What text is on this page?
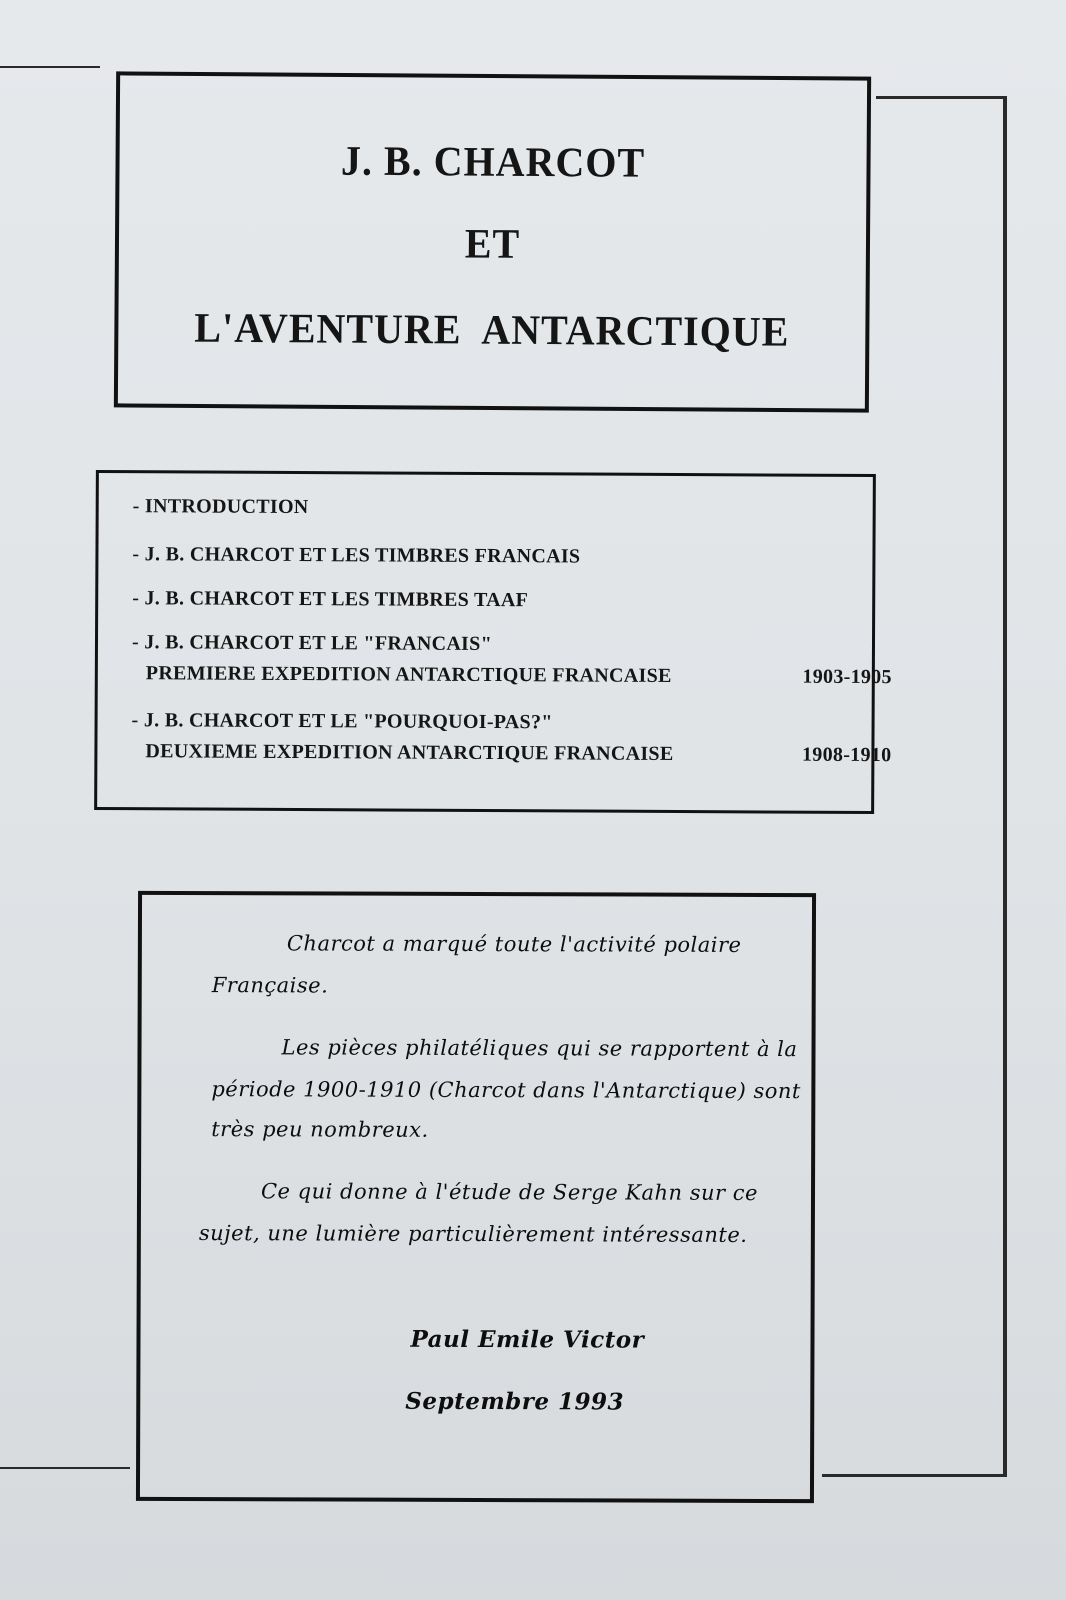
J. B. CHARCOT
ET
L'AVENTURE  ANTARCTIQUE
- INTRODUCTION
- J. B. CHARCOT ET LES TIMBRES FRANCAIS
- J. B. CHARCOT ET LES TIMBRES TAAF
- J. B. CHARCOT ET LE "FRANCAIS"
PREMIERE EXPEDITION ANTARCTIQUE FRANCAISE	1903-1905
- J. B. CHARCOT ET LE "POURQUOI-PAS?"
DEUXIEME EXPEDITION ANTARCTIQUE FRANCAISE	1908-1910
Charcot a marqué toute l'activité polaire
Française.
Les pièces philatéliques qui se rapportent à la
période 1900-1910 (Charcot dans l'Antarctique) sont
très peu nombreux.
Ce qui donne à l'étude de Serge Kahn sur ce
sujet, une lumière particulièrement intéressante.
Paul Emile Victor
Septembre 1993
